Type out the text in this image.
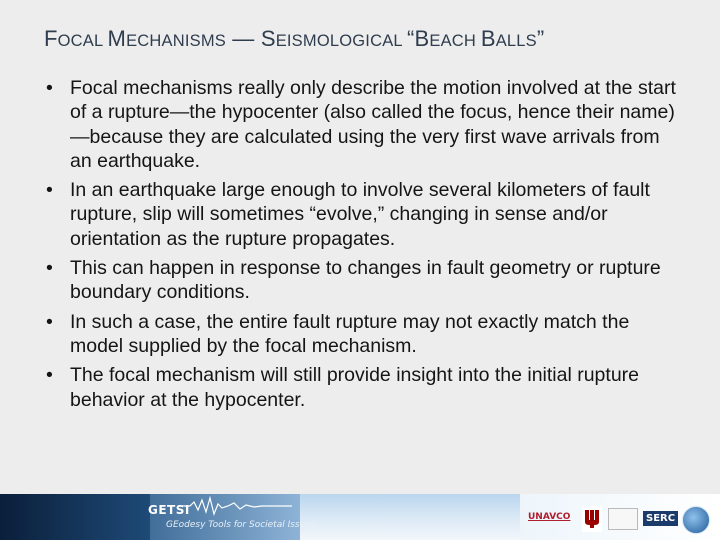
FOCAL MECHANISMS — SEISMOLOGICAL “BEACH BALLS”
• Focal mechanisms really only describe the motion involved at the start of a rupture—the hypocenter (also called the focus, hence their name)—because they are calculated using the very first wave arrivals from an earthquake.
• In an earthquake large enough to involve several kilometers of fault rupture, slip will sometimes “evolve,” changing in sense and/or orientation as the rupture propagates.
• This can happen in response to changes in fault geometry or rupture boundary conditions.
• In such a case, the entire fault rupture may not exactly match the model supplied by the focal mechanism.
• The focal mechanism will still provide insight into the initial rupture behavior at the hypocenter.
GETSI
GEodesy Tools for Societal Issues
UNAVCO	SERC
